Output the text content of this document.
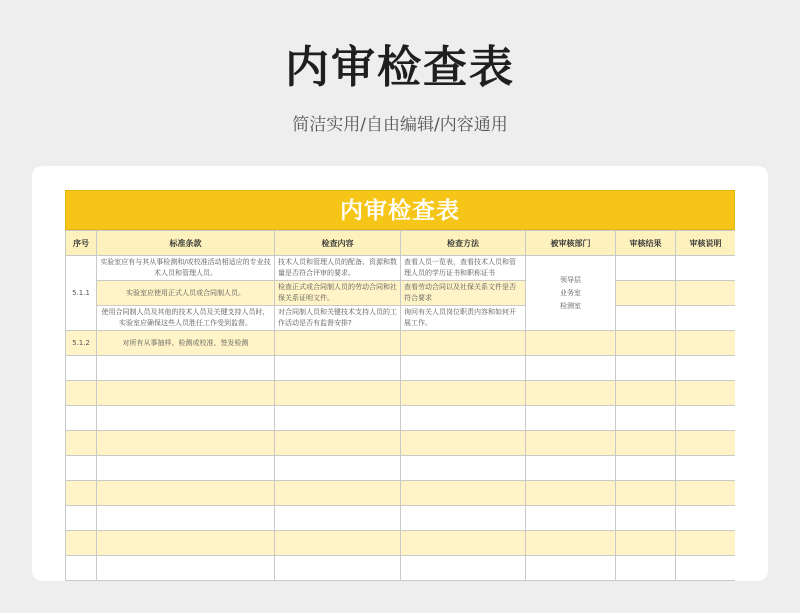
内审检查表
简洁实用/自由编辑/内容通用
内审检查表
序号	标准条款	检查内容	检查方法	被审核部门	审核结果	审核说明
5.1.1	实验室应有与其从事检测和/或校准活动相适应的专业技术人员和管理人员。	技术人员和管理人员的配备、资源和数量是否符合评审的要求。	查看人员一览表，查看技术人员和管理人员的学历证书和职称证书	领导层
业务室
检测室		

	实验室应使用正式人员或合同制人员。	检查正式或合同制人员的劳动合同和社保关系证明文件。	查看劳动合同以及社保关系文件是否符合要求			
	使用合同制人员及其他的技术人员及关键支持人员时，实验室应确保这些人员胜任工作受到监督。	对合同制人员和关键技术支持人员的工作活动是否有监督安排?	询问有关人员岗位职责内容和如何开展工作。			
5.1.2	对所有从事抽样、检测或校准、签发检测					
